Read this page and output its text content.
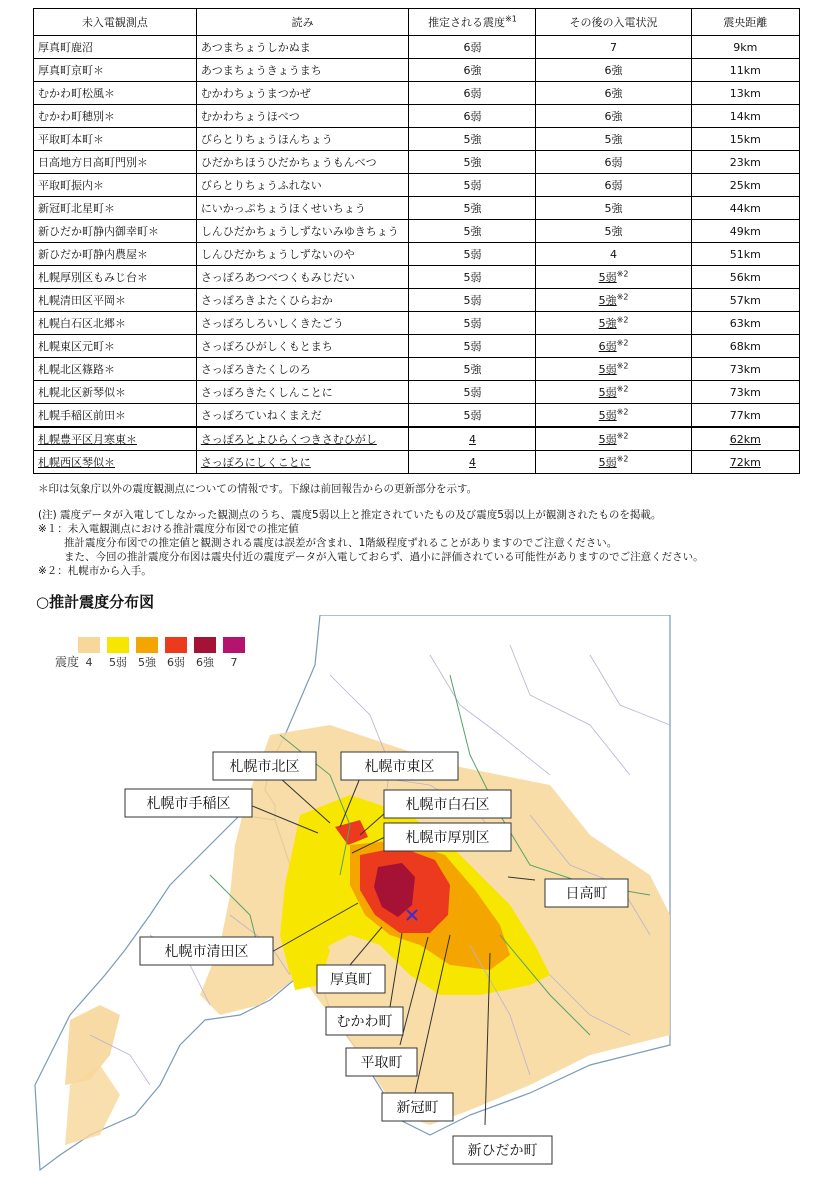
未入電観測点	読み	推定される震度$^{※1}$	その後の入電状況	震央距離
厚真町鹿沼	あつまちょうしかぬま	6弱	7	9km
厚真町京町＊	あつまちょうきょうまち	6強	6強	11km
むかわ町松風＊	むかわちょうまつかぜ	6弱	6強	13km
むかわ町穂別＊	むかわちょうほべつ	6弱	6強	14km
平取町本町＊	びらとりちょうほんちょう	5強	5強	15km
日高地方日高町門別＊	ひだかちほうひだかちょうもんべつ	5強	6弱	23km
平取町振内＊	びらとりちょうふれない	5弱	6弱	25km
新冠町北星町＊	にいかっぷちょうほくせいちょう	5強	5強	44km
新ひだか町静内御幸町＊	しんひだかちょうしずないみゆきちょう	5強	5強	49km
新ひだか町静内農屋＊	しんひだかちょうしずないのや	5弱	4	51km
札幌厚別区もみじ台＊	さっぽろあつべつくもみじだい	5弱	5弱$^{※2}$	56km
札幌清田区平岡＊	さっぽろきよたくひらおか	5弱	5強$^{※2}$	57km
札幌白石区北郷＊	さっぽろしろいしくきたごう	5弱	5強$^{※2}$	63km
札幌東区元町＊	さっぽろひがしくもとまち	5弱	6弱$^{※2}$	68km
札幌北区篠路＊	さっぽろきたくしのろ	5強	5弱$^{※2}$	73km
札幌北区新琴似＊	さっぽろきたくしんことに	5弱	5弱$^{※2}$	73km
札幌手稲区前田＊	さっぽろていねくまえだ	5弱	5弱$^{※2}$	77km
札幌豊平区月寒東＊	さっぽろとよひらくつきさむひがし	4	5弱$^{※2}$	62km
札幌西区琴似＊	さっぽろにしくことに	4	5弱$^{※2}$	72km
＊印は気象庁以外の震度観測点についての情報です。下線は前回報告からの更新部分を示す。
(注) 震度データが入電してしなかった観測点のうち、震度5弱以上と推定されていたもの及び震度5弱以上が観測されたものを掲載。
※１：未入電観測点における推計震度分布図での推定値
推計震度分布図での推定値と観測される震度は誤差が含まれ、1階級程度ずれることがありますのでご注意ください。
また、今回の推計震度分布図は震央付近の震度データが入電しておらず、過小に評価されている可能性がありますのでご注意ください。
※２：札幌市から入手。
○推計震度分布図
震度 4 5弱 5強 6弱 6強 7
札幌市北区	札幌市東区
札幌市手稲区	札幌市白石区
札幌市厚別区
日高町
札幌市清田区
厚真町
むかわ町
平取町
新冠町
新ひだか町
